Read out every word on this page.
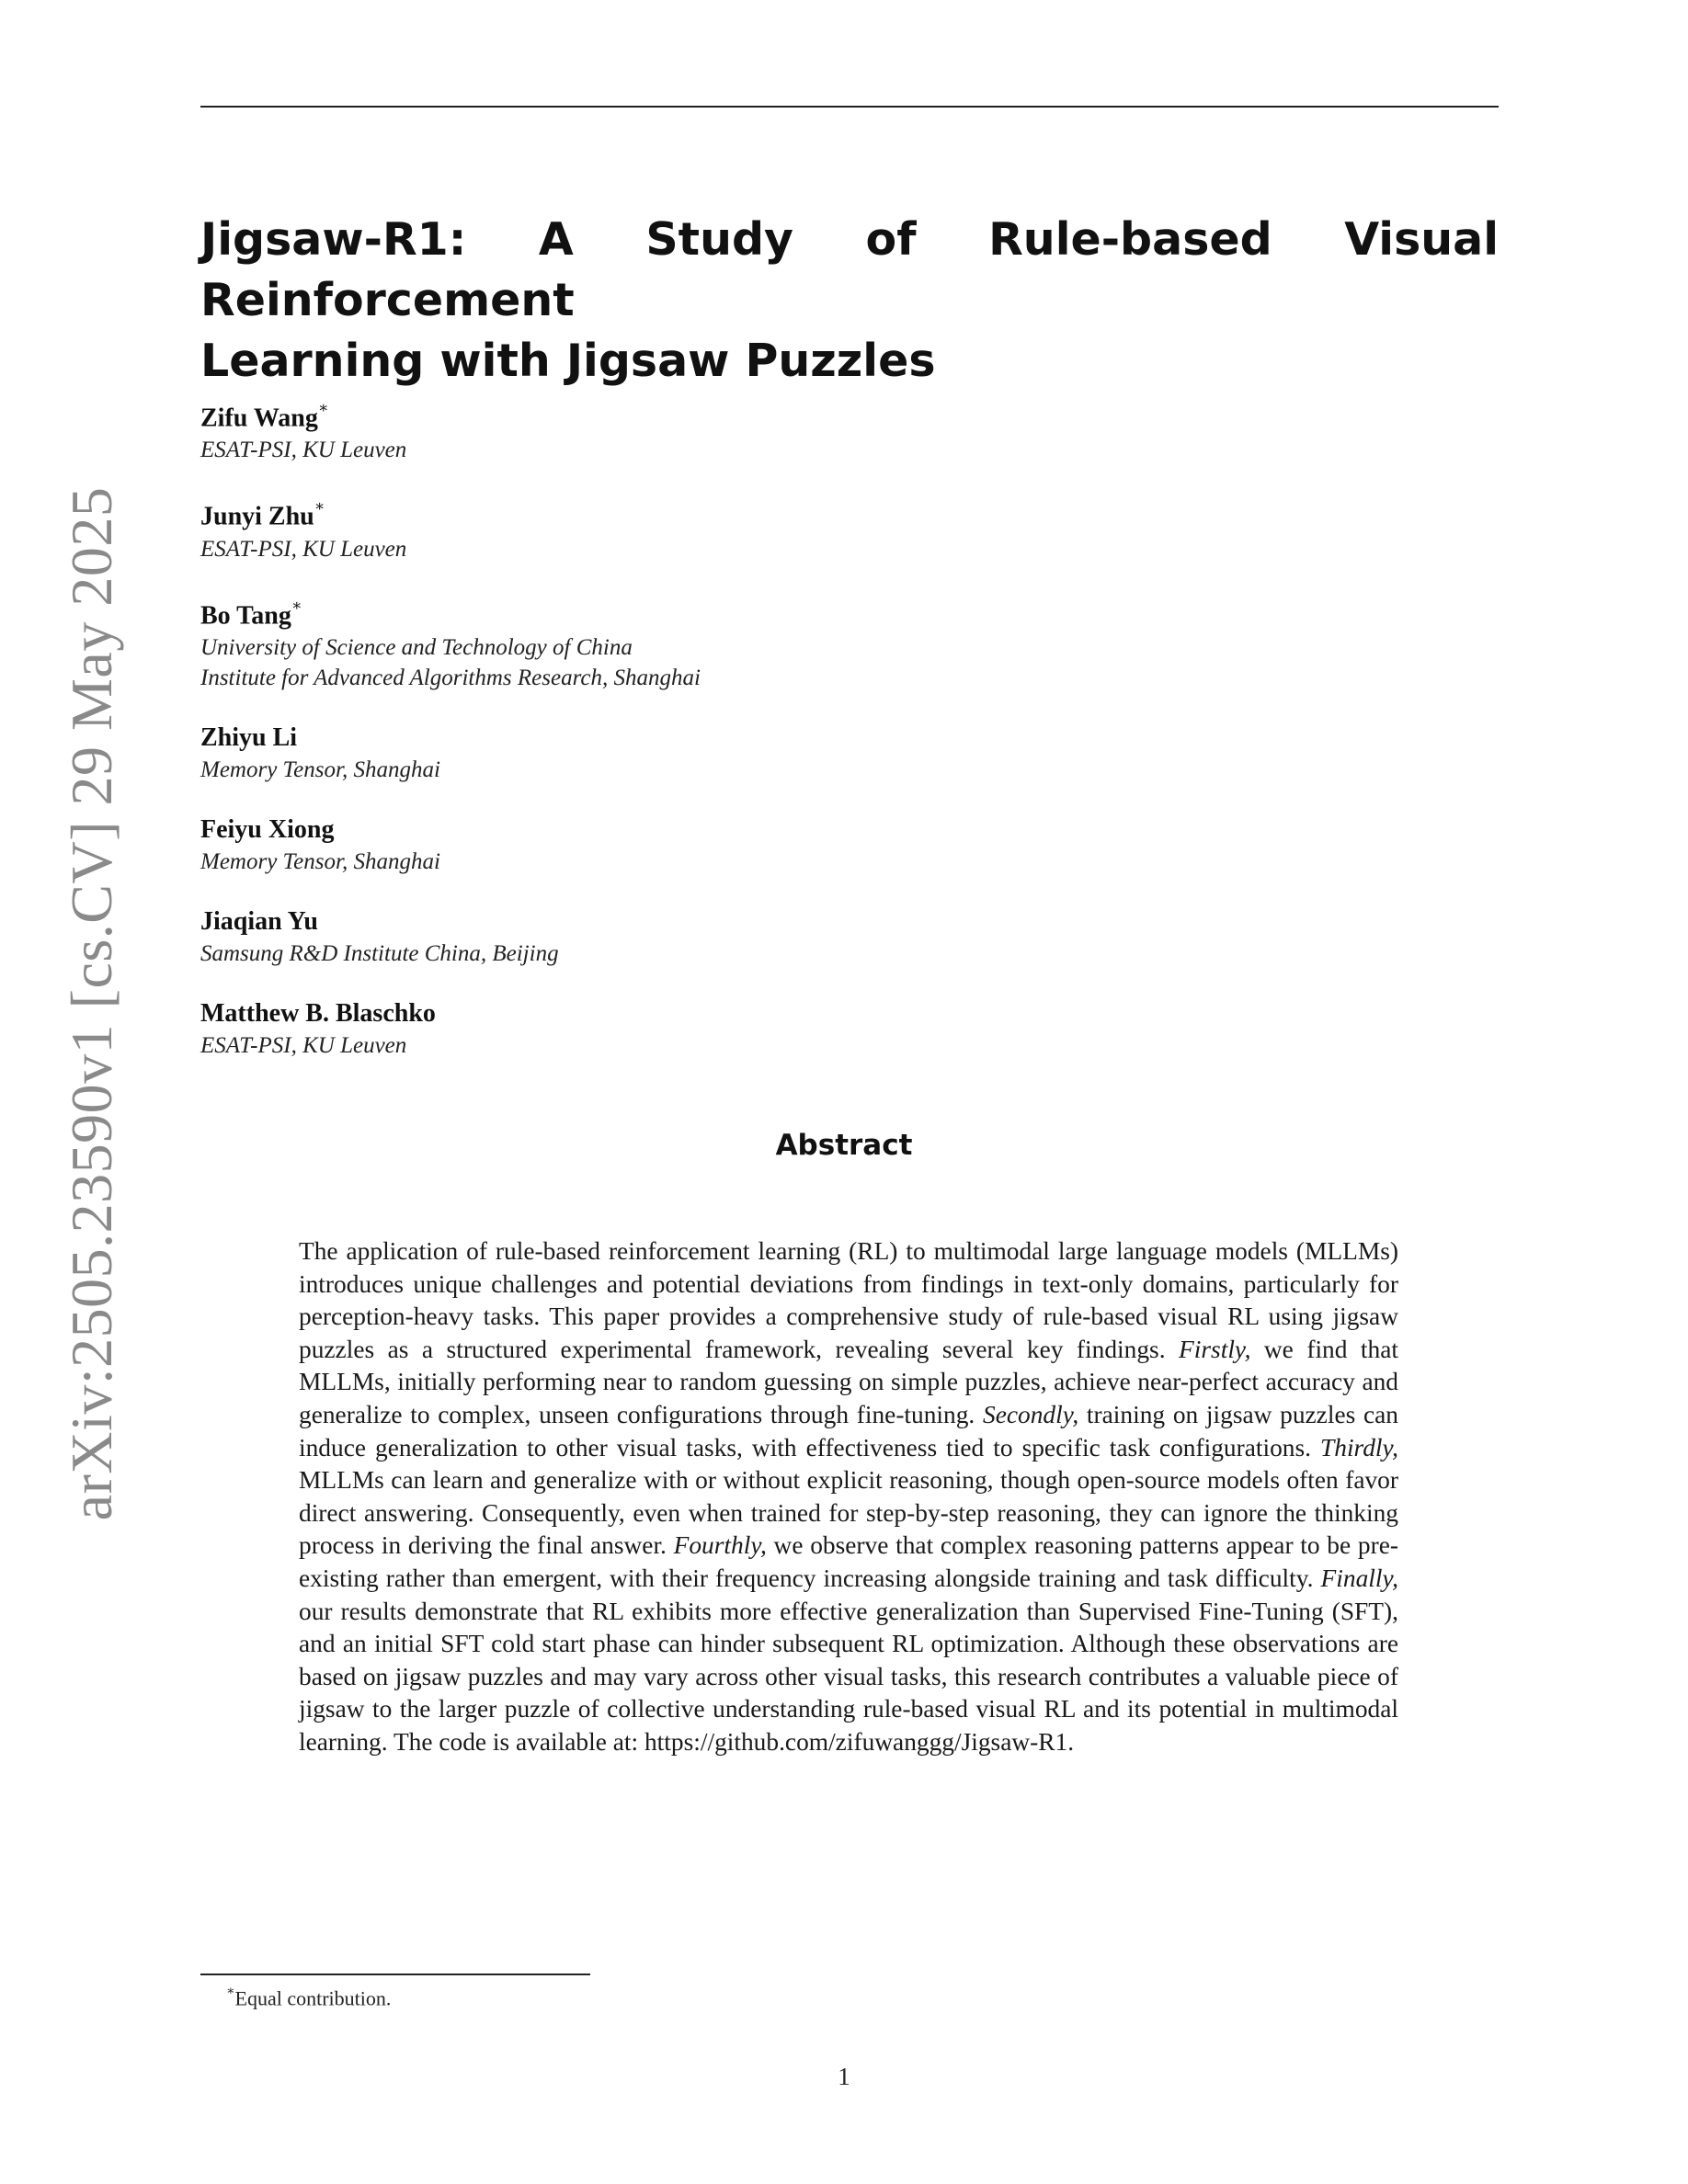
arXiv:2505.23590v1 [cs.CV] 29 May 2025
Jigsaw-R1: A Study of Rule-based Visual Reinforcement
Learning with Jigsaw Puzzles
Zifu Wang∗
ESAT-PSI, KU Leuven
Junyi Zhu∗
ESAT-PSI, KU Leuven
Bo Tang∗
University of Science and Technology of China
Institute for Advanced Algorithms Research, Shanghai
Zhiyu Li
Memory Tensor, Shanghai
Feiyu Xiong
Memory Tensor, Shanghai
Jiaqian Yu
Samsung R&D Institute China, Beijing
Matthew B. Blaschko
ESAT-PSI, KU Leuven
Abstract

The application of rule-based reinforcement learning (RL) to multimodal large language models (MLLMs) introduces unique challenges and potential deviations from findings in text-only domains, particularly for perception-heavy tasks. This paper provides a comprehensive study of rule-based visual RL using jigsaw puzzles as a structured experimental framework, revealing several key findings. Firstly, we find that MLLMs, initially performing near to random guessing on simple puzzles, achieve near-perfect accuracy and generalize to complex, unseen configurations through fine-tuning. Secondly, training on jigsaw puzzles can induce generalization to other visual tasks, with effectiveness tied to specific task configurations. Thirdly, MLLMs can learn and generalize with or without explicit reasoning, though open-source models often favor direct answering. Consequently, even when trained for step-by-step reasoning, they can ignore the thinking process in deriving the final answer. Fourthly, we observe that complex reasoning patterns appear to be pre-existing rather than emergent, with their frequency increasing alongside training and task difficulty. Finally, our results demonstrate that RL exhibits more effective generalization than Supervised Fine-Tuning (SFT), and an initial SFT cold start phase can hinder subsequent RL optimization. Although these observations are based on jigsaw puzzles and may vary across other visual tasks, this research contributes a valuable piece of jigsaw to the larger puzzle of collective understanding rule-based visual RL and its potential in multimodal learning. The code is available at: https://github.com/zifuwanggg/Jigsaw-R1.

∗Equal contribution.
1
